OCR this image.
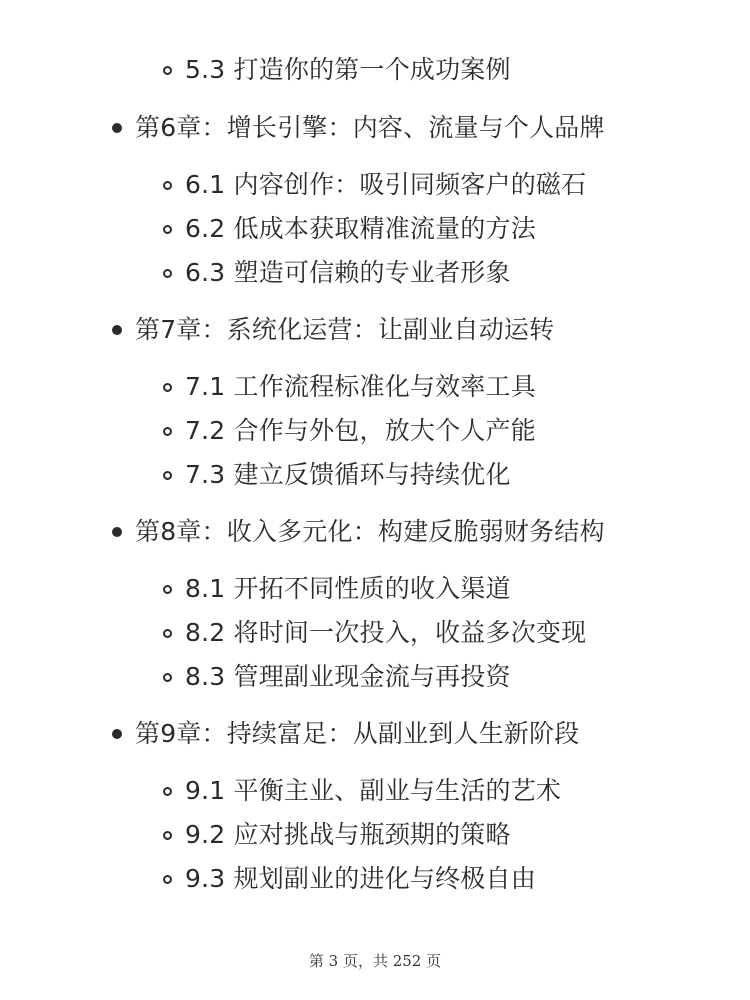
5.3 打造你的第一个成功案例
第6章：增长引擎：内容、流量与个人品牌
6.1 内容创作：吸引同频客户的磁石
6.2 低成本获取精准流量的方法
6.3 塑造可信赖的专业者形象
第7章：系统化运营：让副业自动运转
7.1 工作流程标准化与效率工具
7.2 合作与外包，放大个人产能
7.3 建立反馈循环与持续优化
第8章：收入多元化：构建反脆弱财务结构
8.1 开拓不同性质的收入渠道
8.2 将时间一次投入，收益多次变现
8.3 管理副业现金流与再投资
第9章：持续富足：从副业到人生新阶段
9.1 平衡主业、副业与生活的艺术
9.2 应对挑战与瓶颈期的策略
9.3 规划副业的进化与终极自由
第 3 页，共 252 页
